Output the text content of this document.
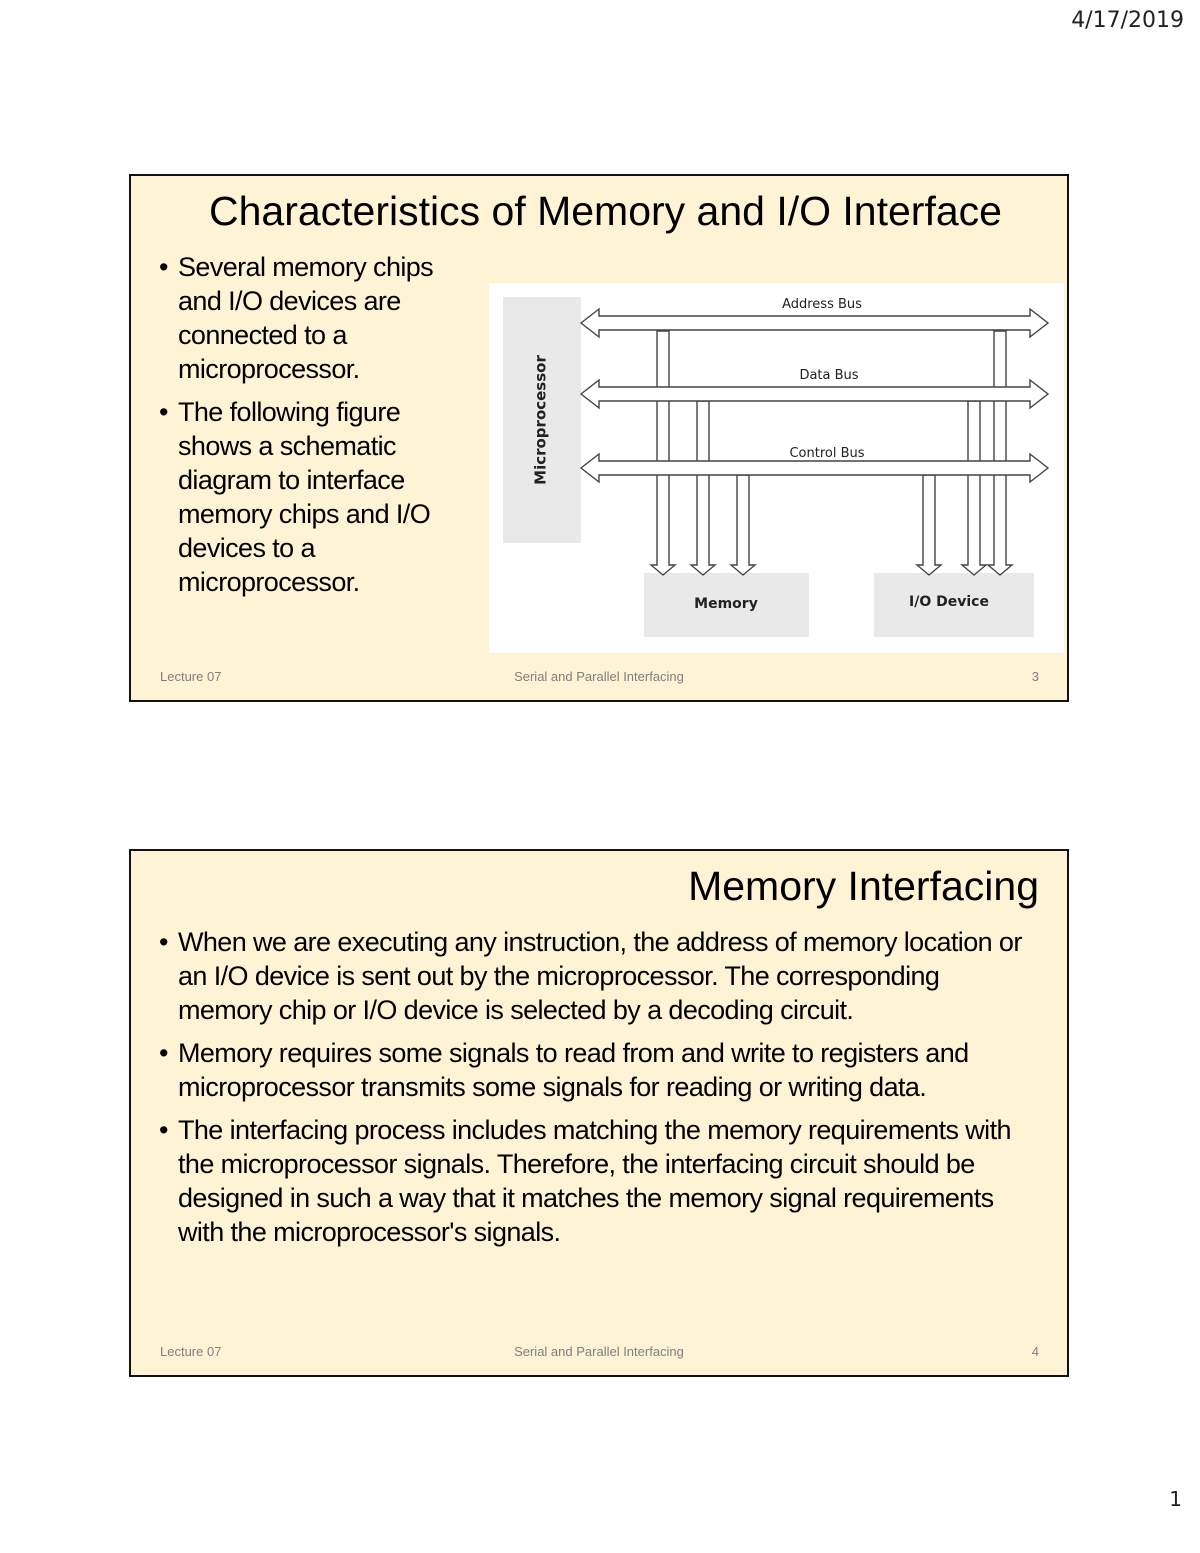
4/17/2019
Characteristics of Memory and I/O Interface
• Several memory chips and I/O devices are connected to a microprocessor.
• The following figure shows a schematic diagram to interface memory chips and I/O devices to a microprocessor.
Microprocessor
Memory	I/O Device
Address Bus
Data Bus
Control Bus
Lecture 07	Serial and Parallel Interfacing	3
Memory Interfacing
• When we are executing any instruction, the address of memory location or an I/O device is sent out by the microprocessor. The corresponding memory chip or I/O device is selected by a decoding circuit.
• Memory requires some signals to read from and write to registers and microprocessor transmits some signals for reading or writing data.
• The interfacing process includes matching the memory requirements with the microprocessor signals. Therefore, the interfacing circuit should be designed in such a way that it matches the memory signal requirements with the microprocessor's signals.
Lecture 07	Serial and Parallel Interfacing	4
1
